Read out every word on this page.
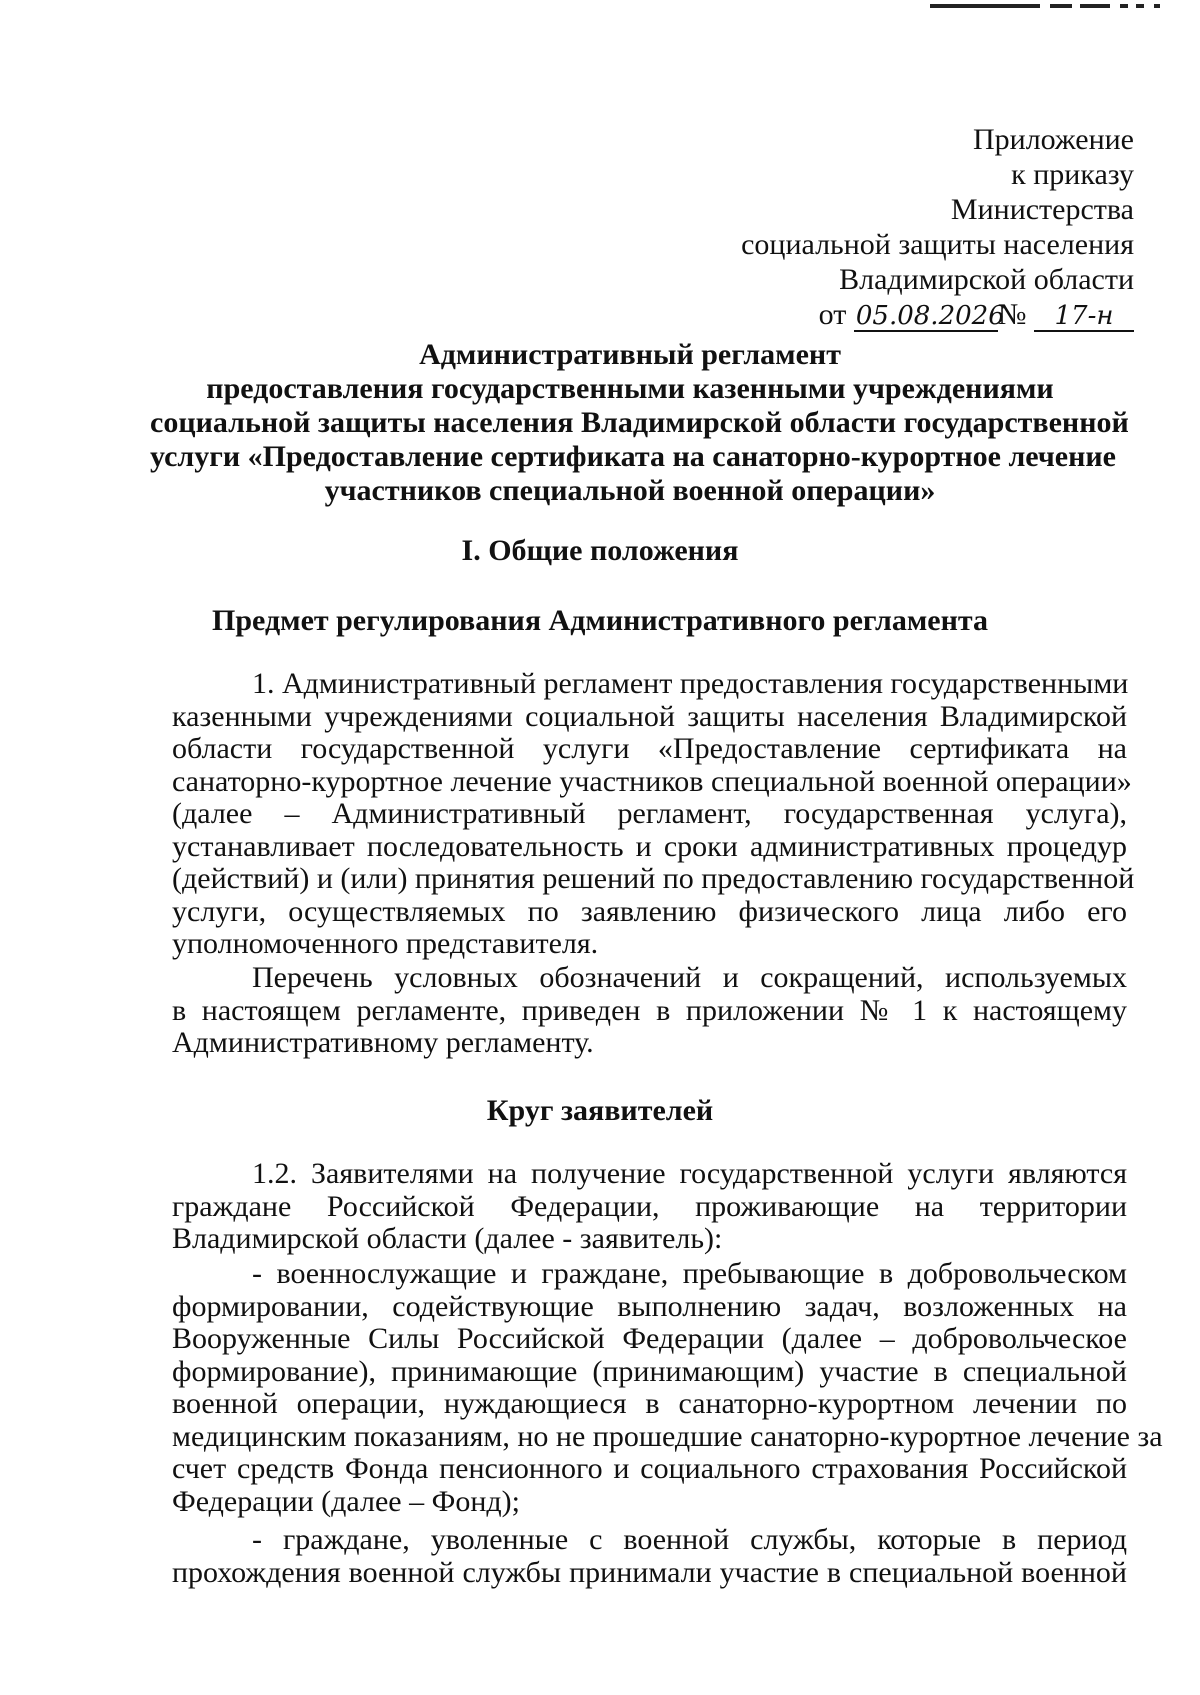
Приложение
к приказу
Министерства
социальной защиты населения
Владимирской области
от 05.08.2026№ 17-н
Административный регламент
предоставления государственными казенными учреждениями
социальной защиты населения Владимирской области государственной
услуги «Предоставление сертификата на санаторно-курортное лечение
участников специальной военной операции»
I. Общие положения
Предмет регулирования Административного регламента
1. Административный регламент предоставления государственными
казенными учреждениями социальной защиты населения Владимирской
области государственной услуги «Предоставление сертификата на
санаторно-курортное лечение участников специальной военной операции»
(далее – Административный регламент, государственная услуга),
устанавливает последовательность и сроки административных процедур
(действий) и (или) принятия решений по предоставлению государственной
услуги, осуществляемых по заявлению физического лица либо его
уполномоченного представителя.
Перечень условных обозначений и сокращений, используемых
в настоящем регламенте, приведен в приложении № 1 к настоящему
Административному регламенту.
Круг заявителей
1.2. Заявителями на получение государственной услуги являются
граждане Российской Федерации, проживающие на территории
Владимирской области (далее - заявитель):
- военнослужащие и граждане, пребывающие в добровольческом
формировании, содействующие выполнению задач, возложенных на
Вооруженные Силы Российской Федерации (далее – добровольческое
формирование), принимающие (принимающим) участие в специальной
военной операции, нуждающиеся в санаторно-курортном лечении по
медицинским показаниям, но не прошедшие санаторно-курортное лечение за
счет средств Фонда пенсионного и социального страхования Российской
Федерации (далее – Фонд);
- граждане, уволенные с военной службы, которые в период
прохождения военной службы принимали участие в специальной военной
